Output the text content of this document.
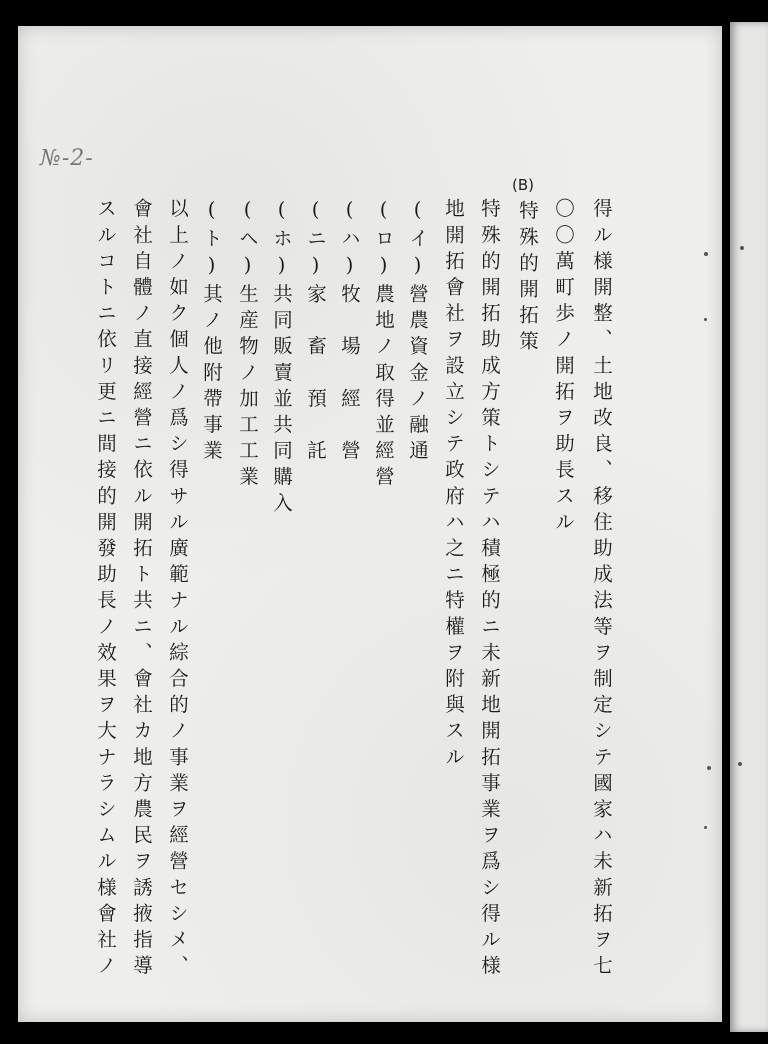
№-2-
(B)
得ル様開整、土地改良、移住助成法等ヲ制定シテ國家ハ未新拓ヲ七
〇〇萬町歩ノ開拓ヲ助長スル
特殊的開拓策
特殊的開拓助成方策トシテハ積極的ニ未新地開拓事業ヲ爲シ得ル様
地開拓會社ヲ設立シテ政府ハ之ニ特權ヲ附與スル
(イ)營農資金ノ融通
(ロ)農地ノ取得並經營
(ハ)牧　場　經　營
(ニ)家　畜　預　託
(ホ)共同販賣並共同購入
(ヘ)生産物ノ加工工業
(ト)其ノ他附帶事業
以上ノ如ク個人ノ爲シ得サル廣範ナル綜合的ノ事業ヲ經營セシメ、
會社自體ノ直接經營ニ依ル開拓ト共ニ、會社カ地方農民ヲ誘掖指導
スルコトニ依リ更ニ間接的開發助長ノ效果ヲ大ナラシムル様會社ノ
